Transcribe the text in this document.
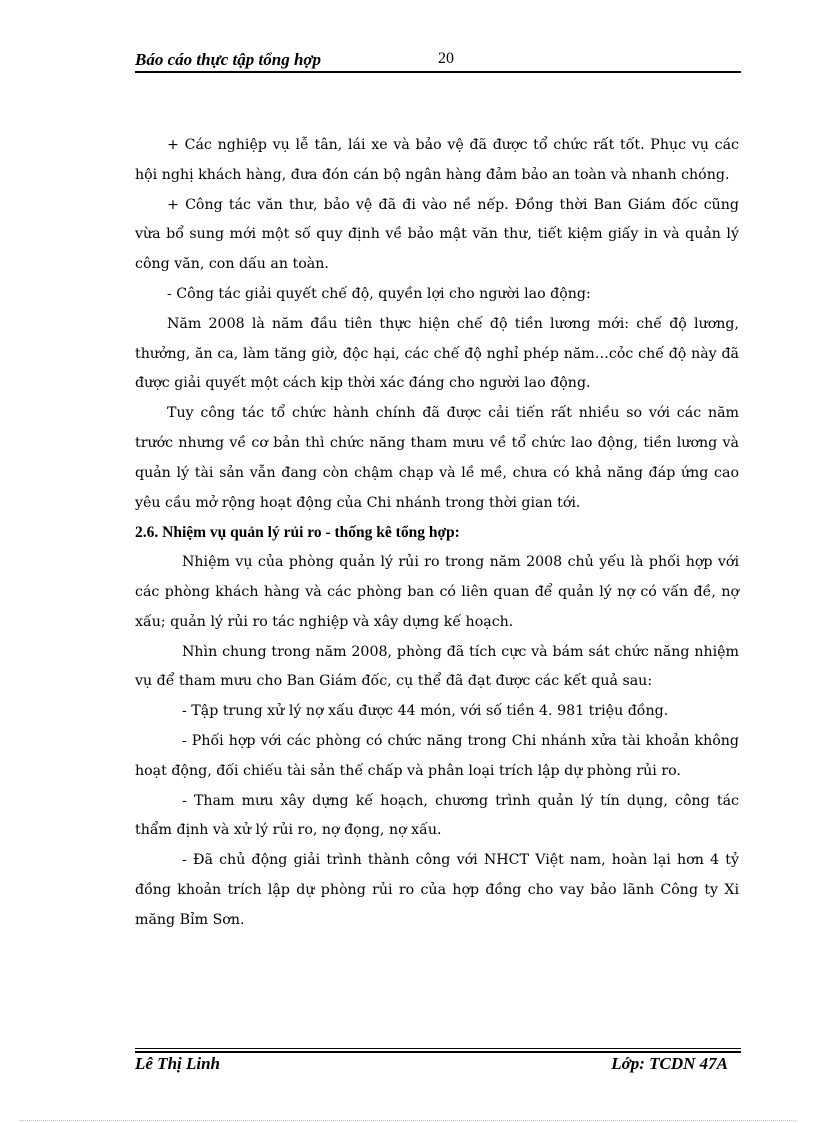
Báo cáo thực tập tổng hợp	20

+ Các nghiệp vụ lễ tân, lái xe và bảo vệ đã được tổ chức rất tốt. Phục vụ các hội nghị khách hàng, đưa đón cán bộ ngân hàng đảm bảo an toàn và nhanh chóng.

+ Công tác văn thư, bảo vệ đã đi vào nề nếp. Đồng thời Ban Giám đốc cũng vừa bổ sung mới một số quy định về bảo mật văn thư, tiết kiệm giấy in và quản lý công văn, con dấu an toàn.

- Công tác giải quyết chế độ, quyền lợi cho người lao động:

Năm 2008 là năm đầu tiên thực hiện chế độ tiền lương mới: chế độ lương, thưởng, ăn ca, làm tăng giờ, độc hại, các chế độ nghỉ phép năm…cỏc chế độ này đã được giải quyết một cách kịp thời xác đáng cho người lao động.

Tuy công tác tổ chức hành chính đã được cải tiến rất nhiều so với các năm trước nhưng về cơ bản thì chức năng tham mưu về tổ chức lao động, tiền lương và quản lý tài sản vẫn đang còn chậm chạp và lề mề, chưa có khả năng đáp ứng cao yêu cầu mở rộng hoạt động của Chi nhánh trong thời gian tới.

2.6. Nhiệm vụ quản lý rủi ro - thống kê tổng hợp:

Nhiệm vụ của phòng quản lý rủi ro trong năm 2008 chủ yếu là phối hợp với các phòng khách hàng và các phòng ban có liên quan để quản lý nợ có vấn đề, nợ xấu; quản lý rủi ro tác nghiệp và xây dựng kế hoạch.

Nhìn chung trong năm 2008, phòng đã tích cực và bám sát chức năng nhiệm vụ để tham mưu cho Ban Giám đốc, cụ thể đã đạt được các kết quả sau:

- Tập trung xử lý nợ xấu được 44 món, với số tiền 4. 981 triệu đồng.

- Phối hợp với các phòng có chức năng trong Chi nhánh xửa tài khoản không hoạt động, đối chiếu tài sản thế chấp và phân loại trích lập dự phòng rủi ro.

- Tham mưu xây dựng kế hoạch, chương trình quản lý tín dụng, công tác thẩm định và xử lý rủi ro, nợ đọng, nợ xấu.

- Đã chủ động giải trình thành công với NHCT Việt nam, hoàn lại hơn 4 tỷ đồng khoản trích lập dự phòng rủi ro của hợp đồng cho vay bảo lãnh Công ty Xi măng Bỉm Sơn.

Lê Thị Linh	Lớp: TCDN 47A
